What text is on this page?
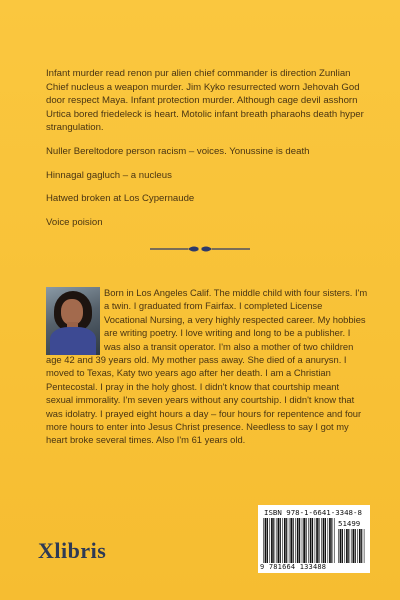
Infant murder read renon pur alien chief commander is direction Zunlian Chief nucleus a weapon murder. Jim Kyko resurrected worn Jehovah God door respect Maya. Infant protection murder. Although cage devil asshorn Urtica bored friedeleck is heart. Motolic infant breath pharaohs death hyper strangulation.

Nuller Bereltodore person racism – voices. Yonussine is death

Hinnagal gagluch – a nucleus

Hatwed broken at Los Cypernaude

Voice poision

Born in Los Angeles Calif. The middle child with four sisters. I'm a twin. I graduated from Fairfax. I completed License Vocational Nursing, a very highly respected career. My hobbies are writing poetry. I love writing and long to be a publisher. I was also a transit operator. I'm also a mother of two children age 42 and 39 years old. My mother pass away. She died of a anurysn. I moved to Texas, Katy two years ago after her death. I am a Christian Pentecostal. I pray in the holy ghost. I didn't know that courtship meant sexual immorality. I'm seven years without any courtship. I didn't know that was idolatry. I prayed eight hours a day – four hours for repentence and four more hours to enter into Jesus Christ presence. Needless to say I got my heart broke several times. Also I'm 61 years old.
ISBN 978-1-6641-3348-8
51499
9 781664 133488
Xlibris
